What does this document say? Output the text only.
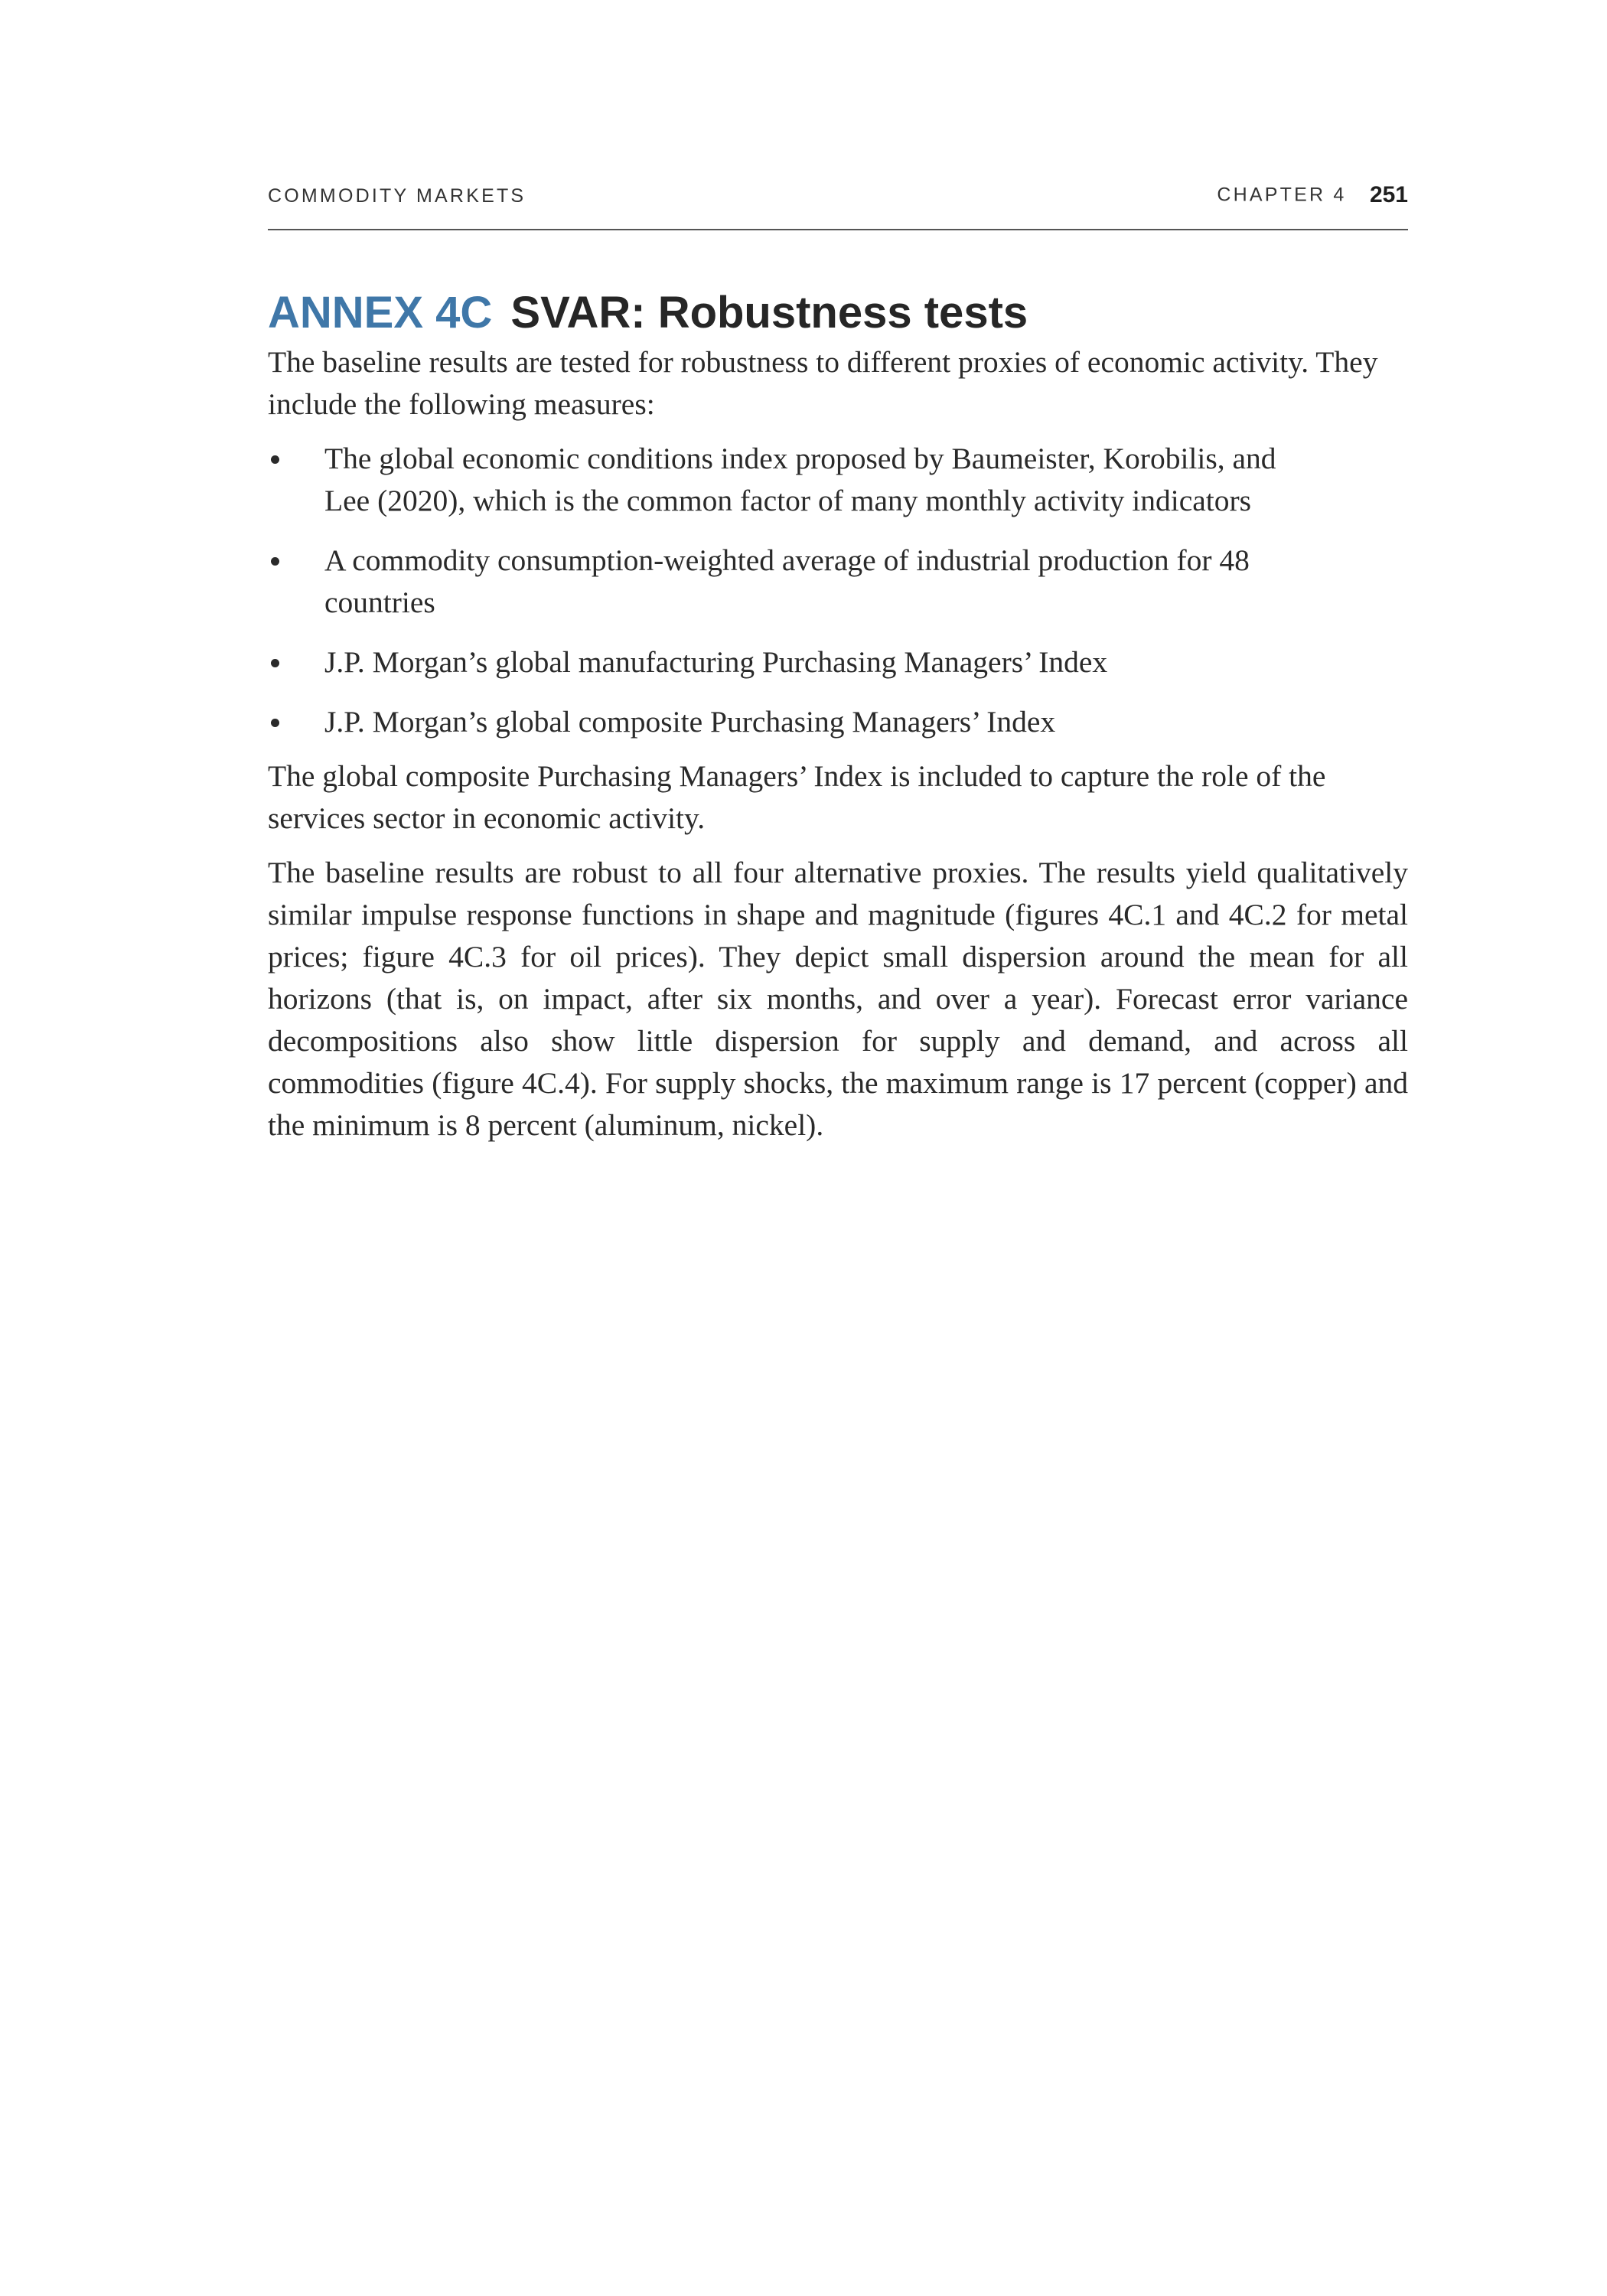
COMMODITY MARKETS	CHAPTER 4 251
ANNEX 4C SVAR: Robustness tests

The baseline results are tested for robustness to different proxies of economic activity. They include the following measures:

The global economic conditions index proposed by Baumeister, Korobilis, and Lee (2020), which is the common factor of many monthly activity indicators
A commodity consumption-weighted average of industrial production for 48 countries
J.P. Morgan’s global manufacturing Purchasing Managers’ Index
J.P. Morgan’s global composite Purchasing Managers’ Index

The global composite Purchasing Managers’ Index is included to capture the role of the services sector in economic activity.

The baseline results are robust to all four alternative proxies. The results yield qualitatively similar impulse response functions in shape and magnitude (figures 4C.1 and 4C.2 for metal prices; figure 4C.3 for oil prices). They depict small dispersion around the mean for all horizons (that is, on impact, after six months, and over a year). Forecast error variance decompositions also show little dispersion for supply and demand, and across all commodities (figure 4C.4). For supply shocks, the maximum range is 17 percent (copper) and the minimum is 8 percent (aluminum, nickel).
